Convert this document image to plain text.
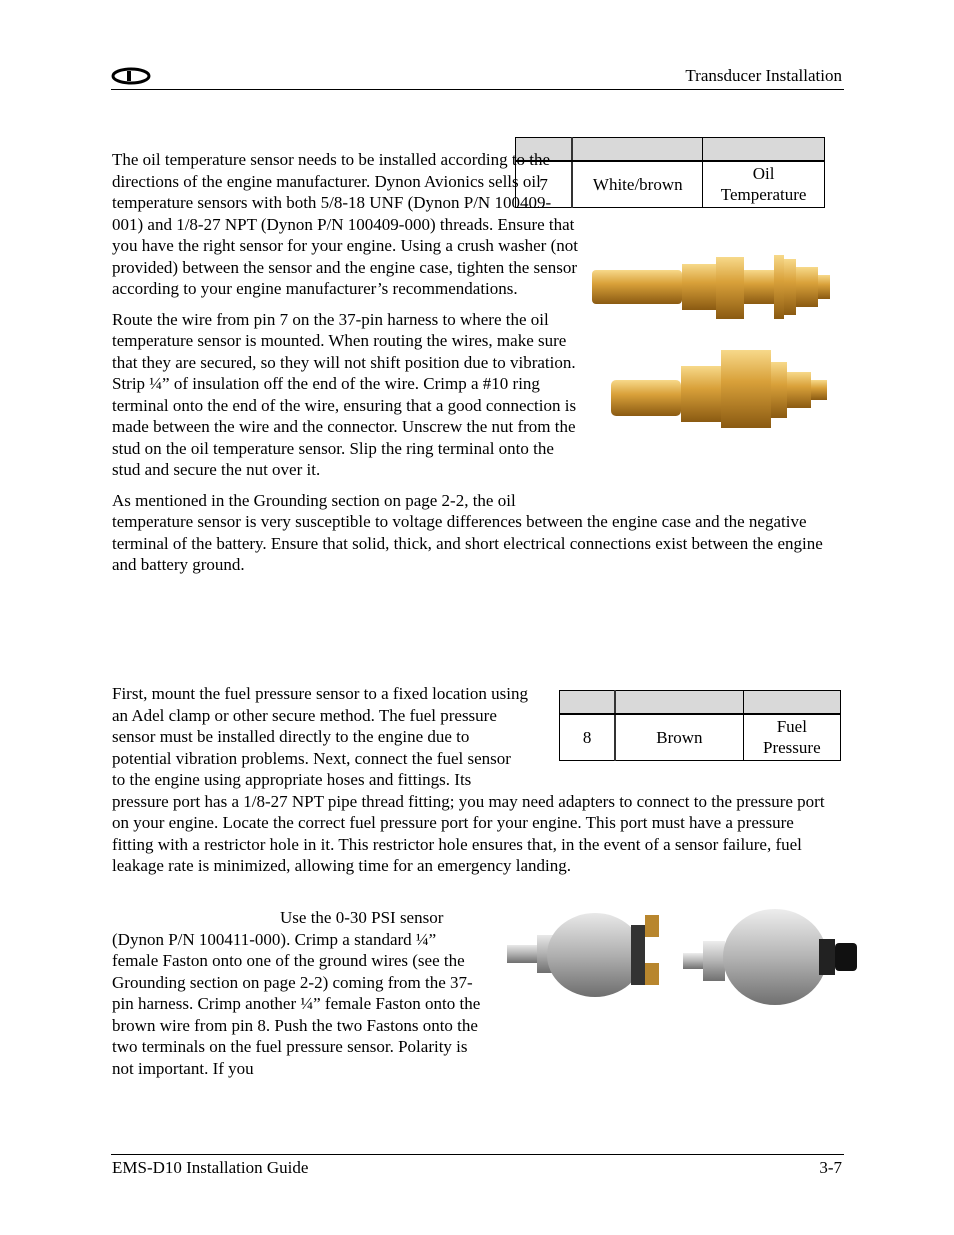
Transducer Installation

7	White/brown	Oil
Temperature

The oil temperature sensor needs to be installed according to the directions of the engine manufacturer. Dynon Avionics sells oil temperature sensors with both 5/8-18 UNF (Dynon P/N 100409-001) and 1/8-27 NPT (Dynon P/N 100409-000) threads. Ensure that you have the right sensor for your engine. Using a crush washer (not provided) between the sensor and the engine case, tighten the sensor according to your engine manufacturer’s recommendations.

Route the wire from pin 7 on the 37-pin harness to where the oil temperature sensor is mounted. When routing the wires, make sure that they are secured, so they will not shift position due to vibration. Strip ¼” of insulation off the end of the wire. Crimp a #10 ring terminal onto the end of the wire, ensuring that a good connection is made between the wire and the connector. Unscrew the nut from the stud on the oil temperature sensor. Slip the ring terminal onto the stud and secure the nut over it.

As mentioned in the Grounding section on page 2-2, the oil temperature sensor is very susceptible to voltage differences between the engine case and the negative terminal of the battery. Ensure that solid, thick, and short electrical connections exist between the engine and battery ground.

8	Brown	Fuel
Pressure

First, mount the fuel pressure sensor to a fixed location using an Adel clamp or other secure method. The fuel pressure sensor must be installed directly to the engine due to potential vibration problems. Next, connect the fuel sensor to the engine using appropriate hoses and fittings. Its pressure port has a 1/8-27 NPT pipe thread fitting; you may need adapters to connect to the pressure port on your engine. Locate the correct fuel pressure port for your engine. This port must have a pressure fitting with a restrictor hole in it. This restrictor hole ensures that, in the event of a sensor failure, fuel leakage rate is minimized, allowing time for an emergency landing.

Use the 0-30 PSI sensor (Dynon P/N 100411-000). Crimp a standard ¼” female Faston onto one of the ground wires (see the Grounding section on page 2-2) coming from the 37-pin harness. Crimp another ¼” female Faston onto the brown wire from pin 8. Push the two Fastons onto the two terminals on the fuel pressure sensor. Polarity is not important. If you

EMS-D10 Installation Guide	3-7
